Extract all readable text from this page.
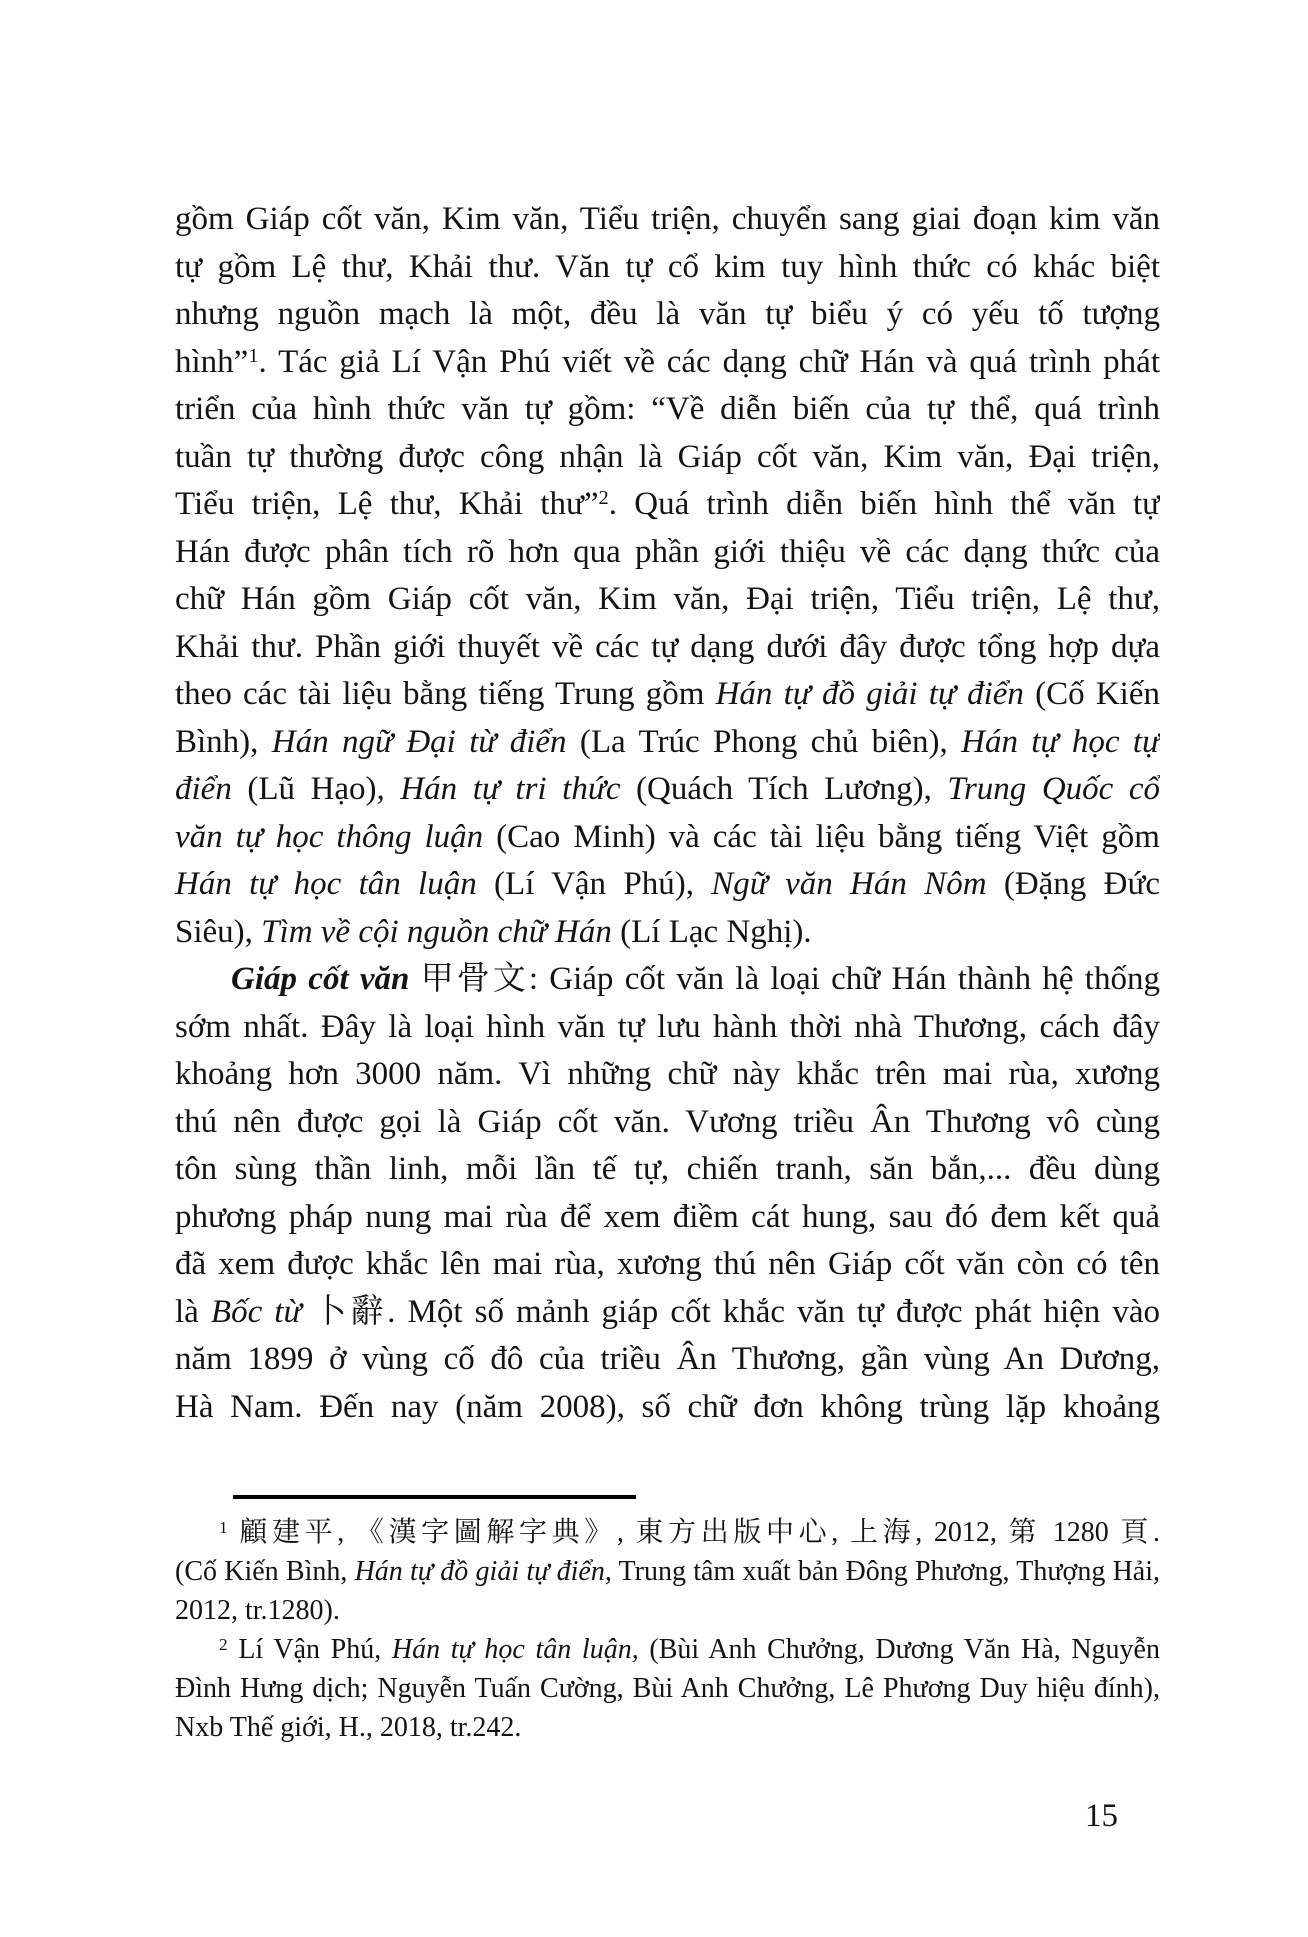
gồm Giáp cốt văn, Kim văn, Tiểu triện, chuyển sang giai đoạn kim văn
tự gồm Lệ thư, Khải thư. Văn tự cổ kim tuy hình thức có khác biệt
nhưng nguồn mạch là một, đều là văn tự biểu ý có yếu tố tượng
hình”$^1$. Tác giả Lí Vận Phú viết về các dạng chữ Hán và quá trình phát
triển của hình thức văn tự gồm: “Về diễn biến của tự thể, quá trình
tuần tự thường được công nhận là Giáp cốt văn, Kim văn, Đại triện,
Tiểu triện, Lệ thư, Khải thư”$^2$. Quá trình diễn biến hình thể văn tự
Hán được phân tích rõ hơn qua phần giới thiệu về các dạng thức của
chữ Hán gồm Giáp cốt văn, Kim văn, Đại triện, Tiểu triện, Lệ thư,
Khải thư. Phần giới thuyết về các tự dạng dưới đây được tổng hợp dựa
theo các tài liệu bằng tiếng Trung gồm Hán tự đồ giải tự điển (Cố Kiến
Bình), Hán ngữ Đại từ điển (La Trúc Phong chủ biên), Hán tự học tự
điển (Lũ Hạo), Hán tự tri thức (Quách Tích Lương), Trung Quốc cổ
văn tự học thông luận (Cao Minh) và các tài liệu bằng tiếng Việt gồm
Hán tự học tân luận (Lí Vận Phú), Ngữ văn Hán Nôm (Đặng Đức
Siêu), Tìm về cội nguồn chữ Hán (Lí Lạc Nghị).
Giáp cốt văn 甲骨文: Giáp cốt văn là loại chữ Hán thành hệ thống
sớm nhất. Đây là loại hình văn tự lưu hành thời nhà Thương, cách đây
khoảng hơn 3000 năm. Vì những chữ này khắc trên mai rùa, xương
thú nên được gọi là Giáp cốt văn. Vương triều Ân Thương vô cùng
tôn sùng thần linh, mỗi lần tế tự, chiến tranh, săn bắn,... đều dùng
phương pháp nung mai rùa để xem điềm cát hung, sau đó đem kết quả
đã xem được khắc lên mai rùa, xương thú nên Giáp cốt văn còn có tên
là Bốc từ 卜辭. Một số mảnh giáp cốt khắc văn tự được phát hiện vào
năm 1899 ở vùng cố đô của triều Ân Thương, gần vùng An Dương,
Hà Nam. Đến nay (năm 2008), số chữ đơn không trùng lặp khoảng
$^1$ 顧建平, 《漢字圖解字典》, 東方出版中心, 上海, 2012, 第 1280 頁.
(Cố Kiến Bình, Hán tự đồ giải tự điển, Trung tâm xuất bản Đông Phương, Thượng Hải,
2012, tr.1280).
$^2$ Lí Vận Phú, Hán tự học tân luận, (Bùi Anh Chưởng, Dương Văn Hà, Nguyễn
Đình Hưng dịch; Nguyễn Tuấn Cường, Bùi Anh Chưởng, Lê Phương Duy hiệu đính),
Nxb Thế giới, H., 2018, tr.242.
15
